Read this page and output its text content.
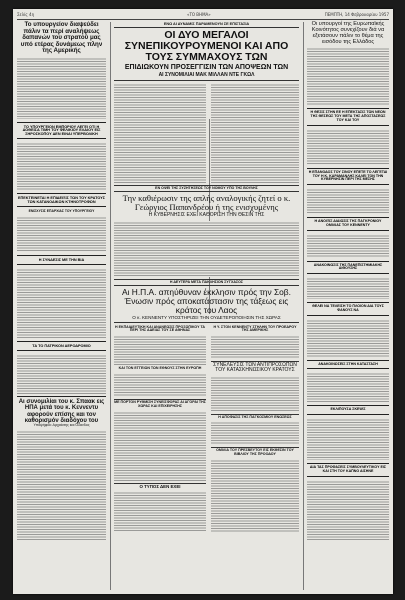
Σελίς 4η	«ΤΟ ΒΗΜΑ»	ΠΕΜΠΤΗ, 14 Φεβρουαρίου 1957
Το υπουργείον διαψεύδει πάλιν τα περί αναλήψεως δαπανών του στρατού μας υπό ετέρας δυνάμεως πλην της Αμερικής
ΤΟ ΥΠΟΥΡΓΕΙΟΝ ΕΜΠΟΡΙΟΥ ΛΕΓΕΙ ΟΤΙ Η ΔΟΘΕΙΣΑ ΤΙΜΗ ΤΟΥ ΦΕΛΙΚΙΟΥ ΕΛΑΙΟΥ ΕΙΣ ΣΗΡΟΣΚΟΠΟΥ ΔΕΝ ΕΙΝΑΙ ΥΠΕΡΒΟΛΙΚΗ
ΕΠΕΚΤΕΙΝΕΤΑΙ Η ΕΠΙΔΕΙΞΙΣ ΤΩΝ ΤΟΥ ΚΡΑΤΟΥΣ ΤΩΝ ΚΑΤΑΝΟΔΙΚΩΝ ΚΤΗΝΟΤΡΟΦΩΝ
ΕΝΙΣΧΥΣΙΣ ΕΠΑΡΧΙΑΣ ΤΟΥ ΥΠΟΥΡΓΕΙΟΥ
Η ΣΥΝΔΕΣΙΣ ΜΕ ΤΗΝ ΒΙΑ
ΤΑ ΤΟ ΠΑΤΡΙΚΟΝ ΑΕΡΟΔΡΟΜΙΟ
Αι συνομιλίαι του κ. Σπαακ εις ΗΠΑ μετά του κ. Κεννεντυ αφορούν επίσης και τον καθορισμόν διαδόχου του
Υποψήφιοι: Αρχαίοτης και Όλανδος
ΕΝΩ ΑΙ ΔΥΝΑΜΙΣ ΠΑΡΑΜΕΝΟΥΝ ΣΕ ΕΠΙΣΤΑΣΙΑ
ΟΙ ΔΥΟ ΜΕΓΑΛΟΙ ΣΥΝΕΠΙΚΟΥΡΟΥΜΕΝΟΙ ΚΑΙ ΑΠΟ ΤΟΥΣ ΣΥΜΜΑΧΟΥΣ ΤΩΝ
ΕΠΙΔΙΩΚΟΥΝ ΠΡΟΣΕΓΓΙΣΙΝ ΤΩΝ ΑΠΟΨΕΩΝ ΤΩΝ
ΑΙ ΣΥΝΟΜΙΛΙΑΙ ΜΑΚ ΜΙΛΛΑΝ ΝΤΕ ΓΚΩΛ
ΕΝ ΟΨΕΙ ΤΗΣ ΣΥΖΗΤΗΣΕΩΣ ΤΟΥ ΝΟΜΟΥ ΥΠΟ ΤΗΣ ΒΟΥΛΗΣ
Την καθιέρωσιν της απλής αναλογικής ζητεί ο κ. Γεώργιος Παπανδρέου ή της ενισχυμένης
Η ΚΥΒΕΡΝΗΣΙΣ ΕΧΕΙ ΚΑΘΟΡΙΣΗ ΤΗΝ ΘΕΣΙΝ ΤΗΣ
Η ΔΕΥΤΕΡΑ ΜΕΤΑ ΠΑΚΛΗΣΙΟΝ ΣΥΓΧΑΣΟΣ
Αι Η.Π.Α. απηύθυναν έκκλησιν πρός την Σοβ. Ένωσιν πρός αποκατάστασιν της τάξεως εις κράτος του Λαος
Ο κ. ΚΕΝΝΕΝΤΥ ΥΠΟΣΤΗΡΙΖΕΙ ΤΗΝ ΟΥΔΕΤΕΡΟΠΟΙΗΣΙΝ ΤΗΣ ΧΩΡΑΣ
Η ΕΚΠΑΙΔΕΥΤΙΚΗ ΚΑΙ ΑΝΑΝΕΩΣΙΣ ΠΡΟΣΩΠΙΚΟΥ ΤΑ ΠΕΡΙ ΤΗΣ ΑΔΕΙΑΣ ΤΟΥ ΣΕ ΑΘΗΝΑΣ
ΚΑΙ ΤΟΝ ΕΓΓΕΙΩΝ ΤΩΝ ΕΘΝΟΥΣ ΣΤΗΝ ΕΥΡΩΠΗ
ΜΕ ΠΟΡΤΟΝ ΡΥΘΜΙΣΗ ΣΥΝΕΙΣΦΟΡΑΣ ΑΙ ΑΓΟΡΑΙ ΤΗΣ ΧΩΡΑΣ ΚΑΙ ΕΠΙΧΕΙΡΗΣΗΣ
Ο ΤΥΠΟΣ ΔΕΝ ΕΧΕΙ
Η Υ. ΣΤΟΝ ΚΕΝΝΕΝΤΥ ΣΤΗΛΗΝ ΤΟΥ ΠΡΟΕΔΡΟΥ ΤΗΣ ΑΜΕΡΙΚΗΣ
ΣΥΝΕΛΕΥΣΙΣ ΤΩΝ ΑΝΤΙΠΡΟΣΩΠΩΝ ΤΟΥ ΚΑΤΑΣΚΗΝΩΣΙΚΟΥ ΚΡΑΤΟΥΣ
Η ΑΠΟΦΑΣΙΣ ΤΗΣ ΠΑΓΚΟΣΜΙΟΥ ΕΝΩΣΕΩΣ
ΟΜΙΛΙΑ ΤΟΥ ΠΡΕΣΒΕΥΤΟΥ ΕΙΣ ΕΚΘΕΣΙΝ ΤΟΥ ΒΙΒΛΙΟΥ ΤΗΣ ΠΡΟΟΔΟΥ
Οι υπουργοί της Ευρωπαϊκής Κοινότητος συνεχίζουν διά να εξετάσουν πάλιν το θέμα της εισόδου της Ελλάδος
Η ΘΕΣΙΣ ΣΤΗΝ ΕΕ Η ΕΠΕΚΤΑΣΙΣ ΤΩΝ ΝΕΩΝ ΤΗΣ ΘΕΣΕΩΣ ΤΟΥ ΜΕΤΑ ΤΗΣ ΑΠΟΣΤΑΣΕΩΣ ΤΟΥ ΚΑΙ ΤΟΥ
Η ΕΠΑΝΟΔΟΣ ΤΟΥ ΣΙΝΟΥ ΕΠΕΤΕ ΤΟ ΛΕΓΕΤΑΙ ΤΟΥ Η Κ. ΚΑΡΑΜΑΝΛΗΣ ΚΑΛΕΙ ΤΟΝ ΤΗΝ ΚΥΒΕΡΝΗΣΙΝ ΠΕΡΙ ΤΗΣ ΜΕΣΗΣ
Η ΑΝΟΙΞΙΣ ΔΙΑΙΩΣΙΣ ΤΗΣ ΠΑΓΚΡΟΝΙΟΥ ΟΜΙΛΙΑΣ ΤΟΥ ΚΕΝΝΕΝΤΥ
ΑΝΑΚΟΙΝΩΣΙΣ ΤΗΣ ΠΑΝΕΠΙΣΤΗΜΙΑΚΗΣ ΑΙΘΟΥΣΗΣ
ΘΕΛΕΙ ΝΑ ΤΕΛΕΙΣΗ ΤΟ ΠΛΟΙΟΝ ΔΙΑ ΤΟΥΣ ΦΑΝΟΥΣ ΝΑ
ΑΝΑΚΟΙΝΩΣΕΙΣ ΣΤΗΝ ΚΑΤΑΣΤΑΣΗ
ΕΚΛΙΠΟΥΣΑ ΣΚΕΨΙΣ
ΔΙΑ ΤΑΣ ΠΡΟΦΑΣΕΙΣ ΣΥΜΒΟΥΛΕΥΤΙΚΟΥ ΕΙΣ ΚΑΙ ΣΤΗ ΤΟΥ ΚΑΠΝΟ ΑΙΣΗΝΕ
